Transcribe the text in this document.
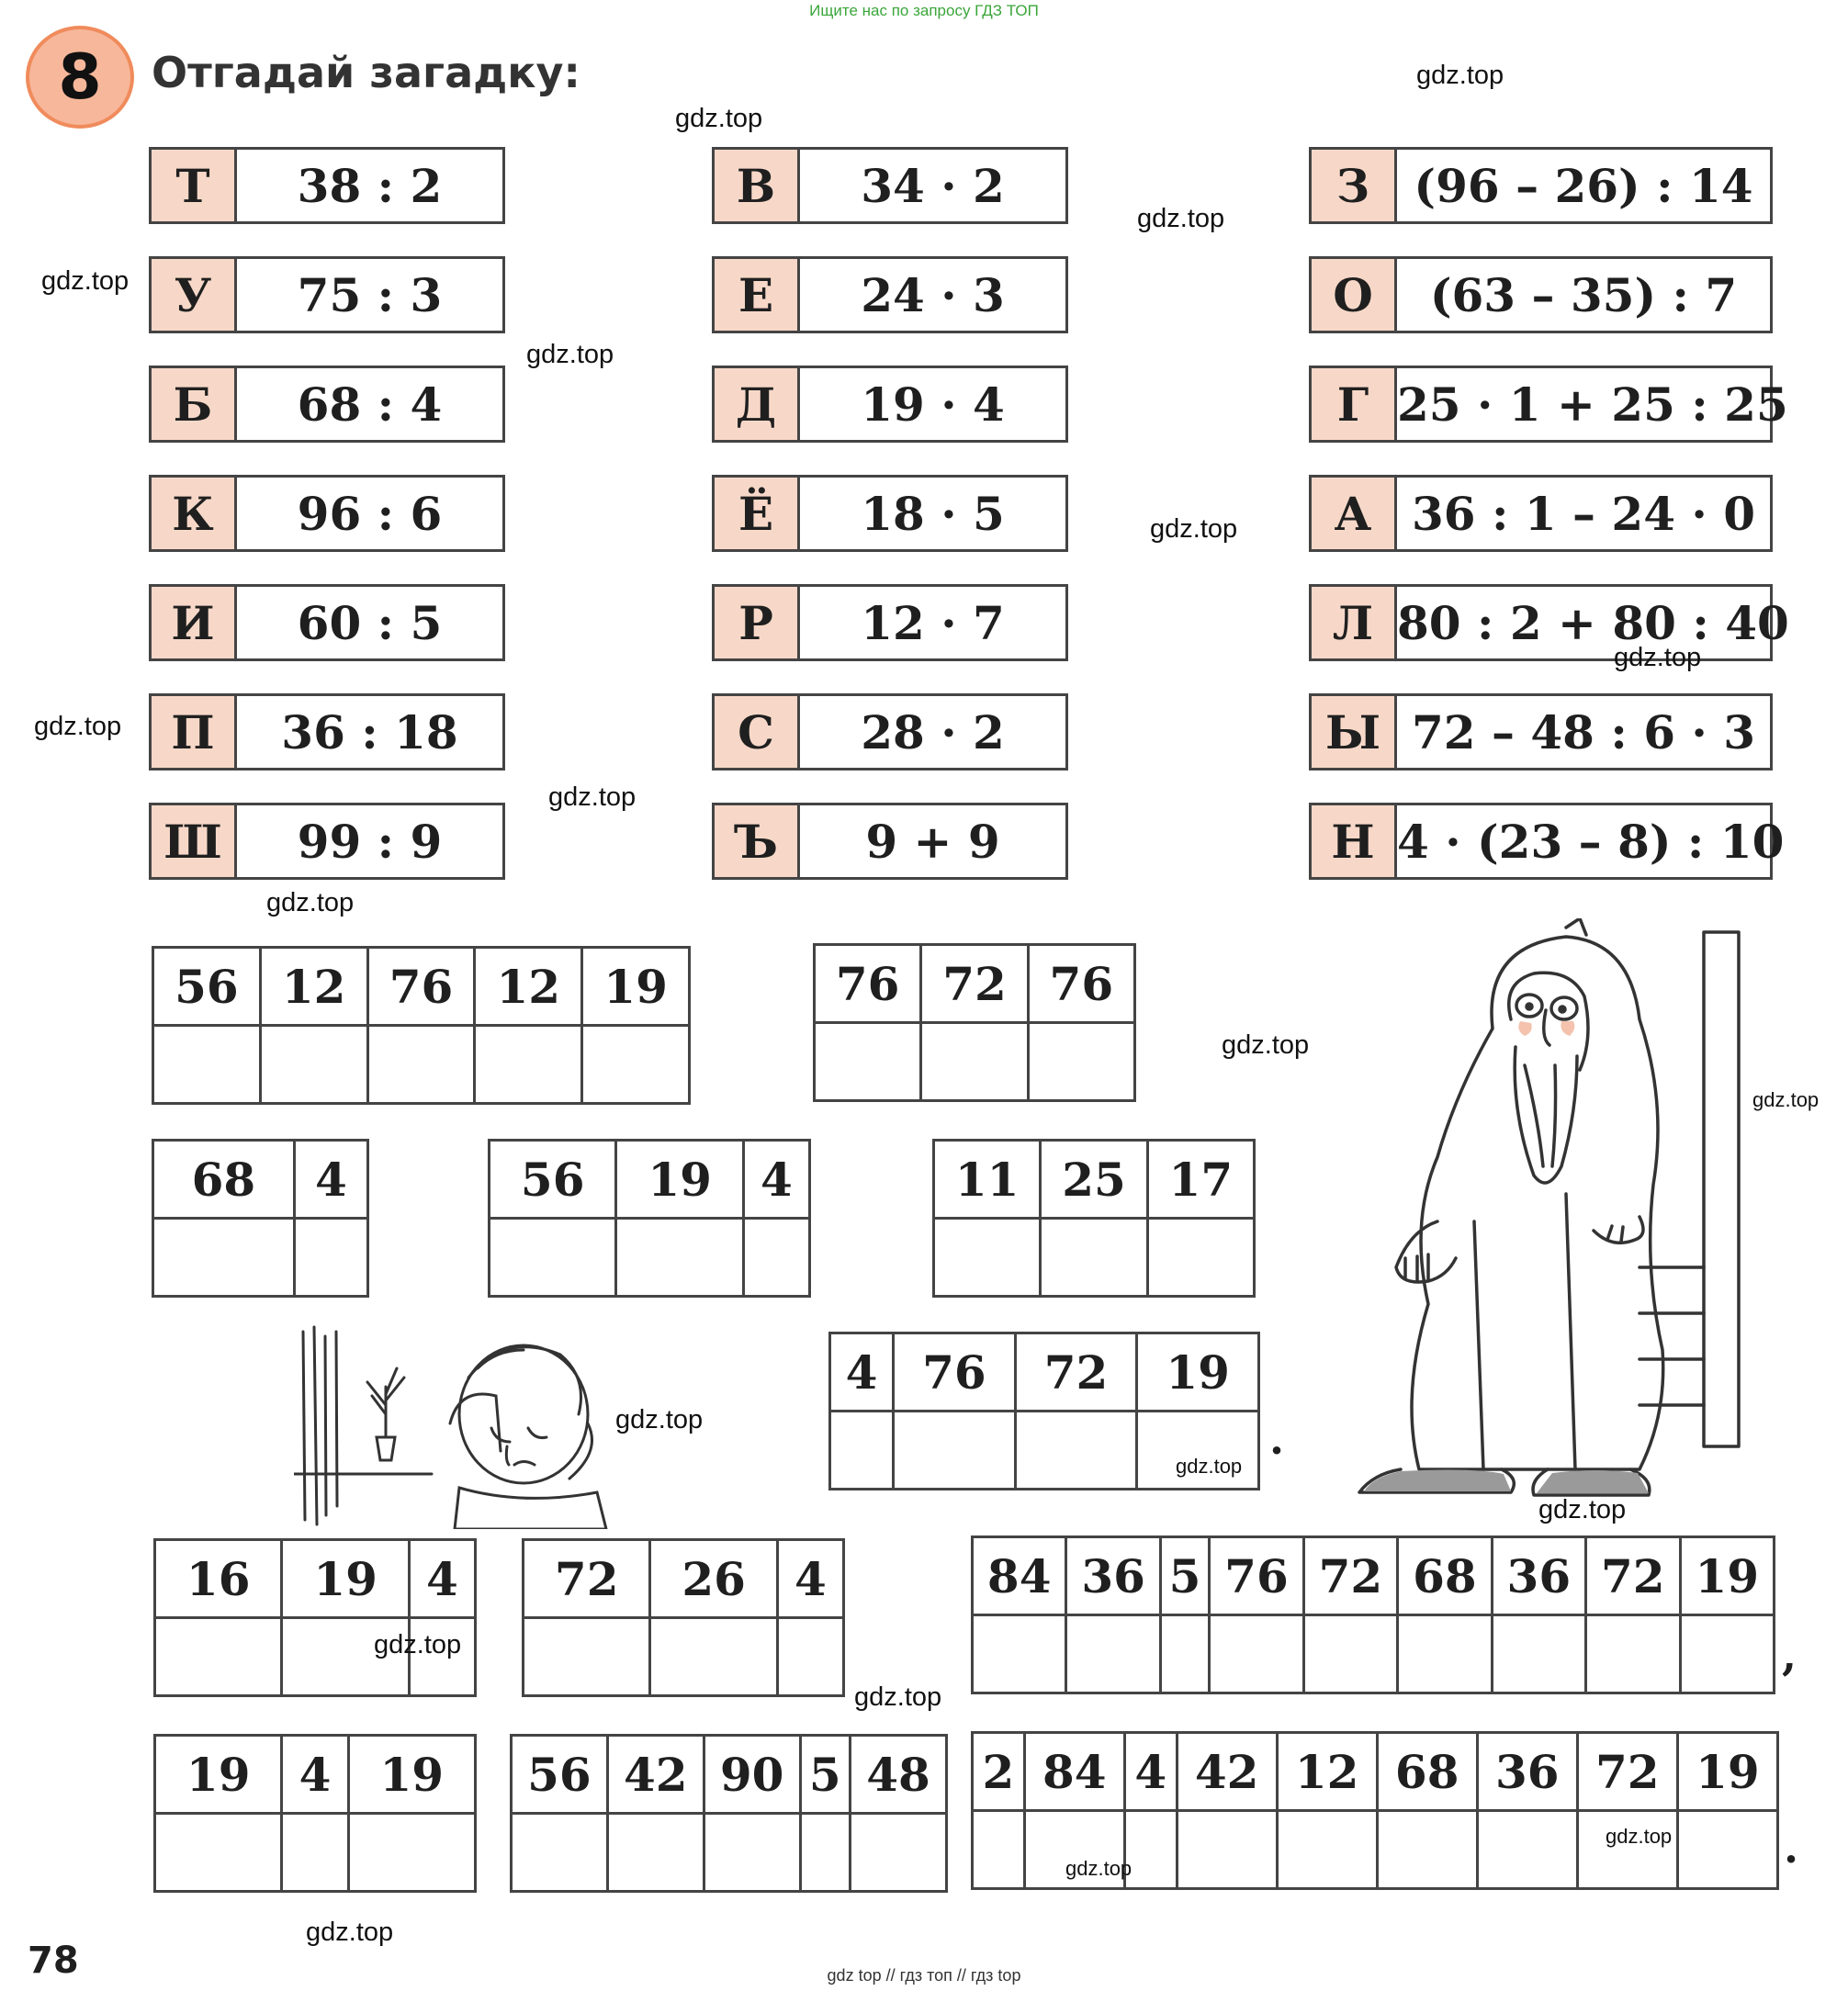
Ищите нас по запросу ГДЗ ТОП
8	Отгадай загадку:
Т	38 : 2
У	75 : 3
Б	68 : 4
К	96 : 6
И	60 : 5
П	36 : 18
Ш	99 : 9
В	34 · 2
Е	24 · 3
Д	19 · 4
Ё	18 · 5
Р	12 · 7
С	28 · 2
Ъ	9 + 9
З (96 – 26) : 14
О	(63 – 35) : 7
Г 25 · 1 + 25 : 25
А 36 : 1 – 24 · 0
Л 80 : 2 + 80 : 40
Ы 72 – 48 : 6 · 3
Н 4 · (23 – 8) : 10
56	12	76	12	19
					76	72	76

68	4
		56	19	4
			11	25	17

4	76	72	19

.
16	19	4
		72	26	4
			84	36	5	76	72	68	36	72	19

,
19	4	19
		56	42	90	5	48
				2	84	4	42	12	68	36	72	19

.
gdz.top
gdz.top
gdz.top
gdz.top
gdz.top
gdz.top
gdz.top
gdz.top
gdz.top
gdz.top
gdz.top
gdz.top
gdz.top
gdz.top
gdz.top
gdz.top
gdz.top
gdz.top
gdz.top
gdz.top
78	gdz top // гдз топ // гдз top
